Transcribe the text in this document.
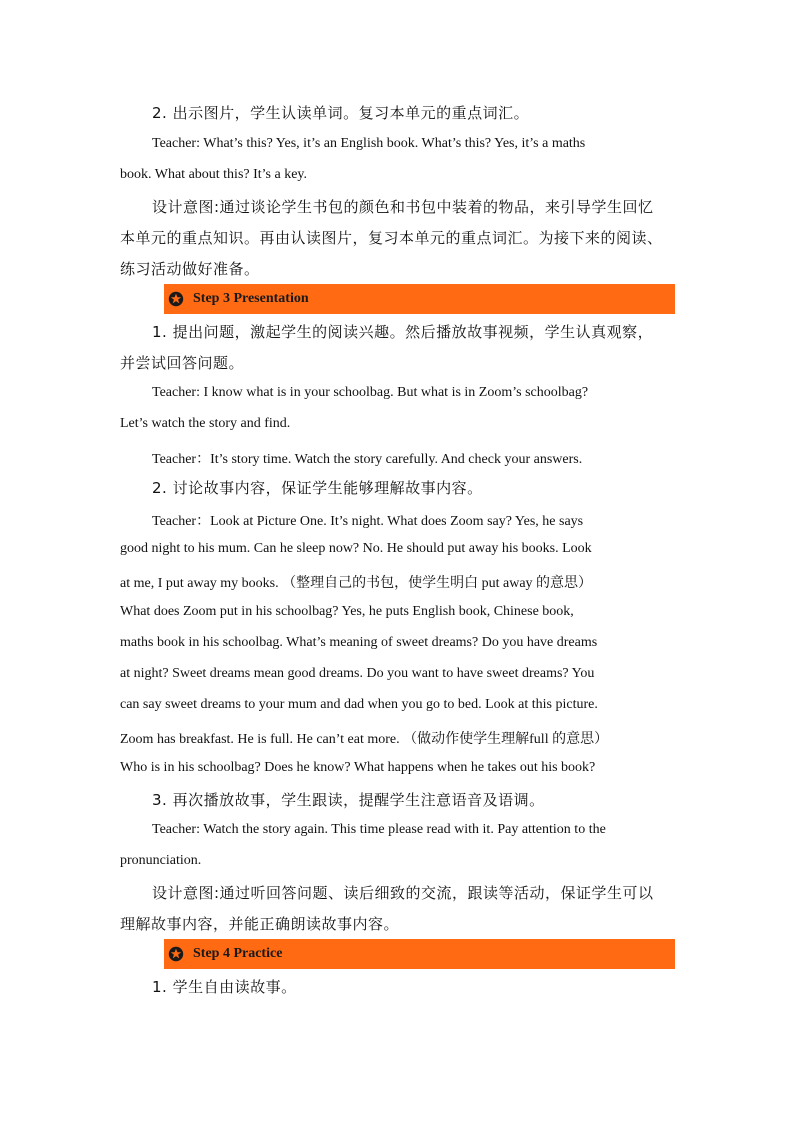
2. 出示图片，学生认读单词。复习本单元的重点词汇。
Teacher: What’s this? Yes, it’s an English book. What’s this? Yes, it’s a maths
book. What about this? It’s a key.
设计意图:通过谈论学生书包的颜色和书包中装着的物品，来引导学生回忆
本单元的重点知识。再由认读图片，复习本单元的重点词汇。为接下来的阅读、
练习活动做好准备。
Step 3 Presentation
1. 提出问题，激起学生的阅读兴趣。然后播放故事视频，学生认真观察，
并尝试回答问题。
Teacher: I know what is in your schoolbag. But what is in Zoom’s schoolbag?
Let’s watch the story and find.
Teacher：It’s story time. Watch the story carefully. And check your answers.
2. 讨论故事内容，保证学生能够理解故事内容。
Teacher：Look at Picture One. It’s night. What does Zoom say? Yes, he says
good night to his mum. Can he sleep now? No. He should put away his books. Look
at me, I put away my books. （整理自己的书包，使学生明白 put away 的意思）
What does Zoom put in his schoolbag? Yes, he puts English book, Chinese book,
maths book in his schoolbag. What’s meaning of sweet dreams? Do you have dreams
at night? Sweet dreams mean good dreams. Do you want to have sweet dreams? You
can say sweet dreams to your mum and dad when you go to bed. Look at this picture.
Zoom has breakfast. He is full. He can’t eat more. （做动作使学生理解full 的意思）
Who is in his schoolbag? Does he know? What happens when he takes out his book?
3. 再次播放故事，学生跟读，提醒学生注意语音及语调。
Teacher: Watch the story again. This time please read with it. Pay attention to the
pronunciation.
设计意图:通过听回答问题、读后细致的交流，跟读等活动，保证学生可以
理解故事内容，并能正确朗读故事内容。
Step 4 Practice
1. 学生自由读故事。
